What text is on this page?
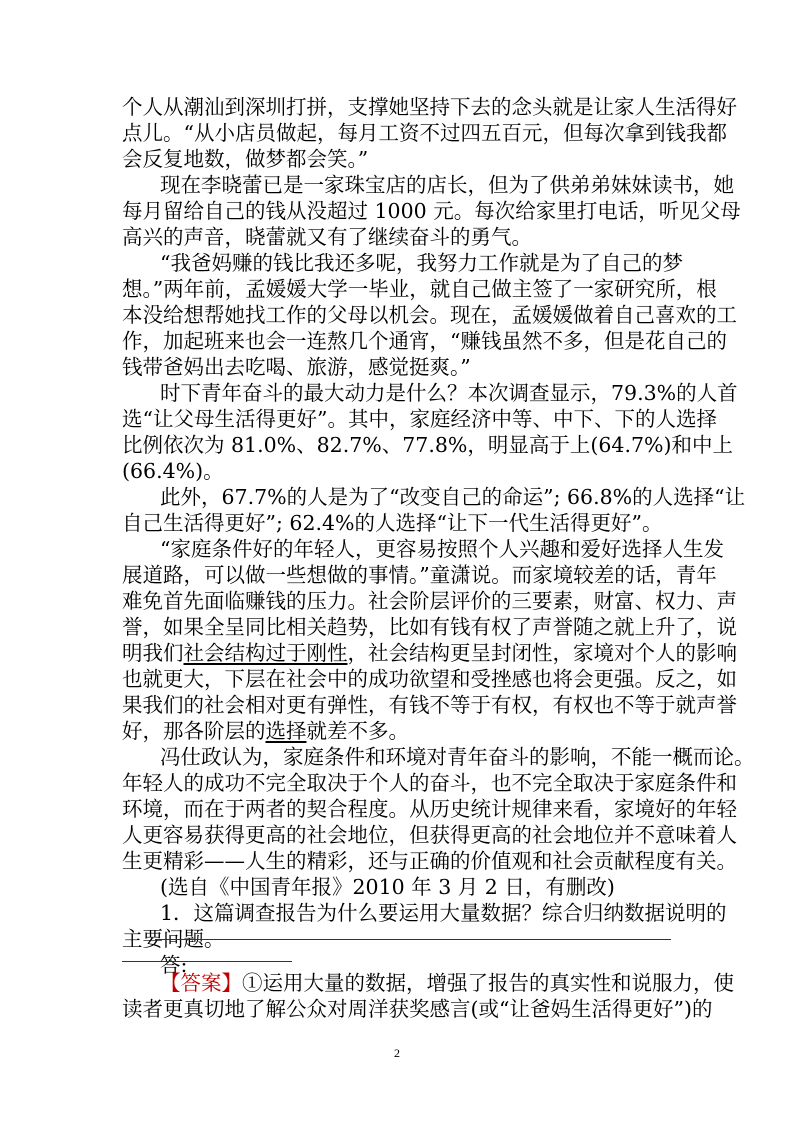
个人从潮汕到深圳打拼，支撑她坚持下去的念头就是让家人生活得好
点儿。“从小店员做起，每月工资不过四五百元，但每次拿到钱我都
会反复地数，做梦都会笑。”
现在李晓蕾已是一家珠宝店的店长，但为了供弟弟妹妹读书，她
每月留给自己的钱从没超过 1000 元。每次给家里打电话，听见父母
高兴的声音，晓蕾就又有了继续奋斗的勇气。
“我爸妈赚的钱比我还多呢，我努力工作就是为了自己的梦
想。”两年前，孟媛媛大学一毕业，就自己做主签了一家研究所，根
本没给想帮她找工作的父母以机会。现在，孟媛媛做着自己喜欢的工
作，加起班来也会一连熬几个通宵，“赚钱虽然不多，但是花自己的
钱带爸妈出去吃喝、旅游，感觉挺爽。”
时下青年奋斗的最大动力是什么？本次调查显示，79.3%的人首
选“让父母生活得更好”。其中，家庭经济中等、中下、下的人选择
比例依次为 81.0%、82.7%、77.8%，明显高于上(64.7%)和中上
(66.4%)。
此外，67.7%的人是为了“改变自己的命运”; 66.8%的人选择“让
自己生活得更好”; 62.4%的人选择“让下一代生活得更好”。
“家庭条件好的年轻人，更容易按照个人兴趣和爱好选择人生发
展道路，可以做一些想做的事情。”童潇说。而家境较差的话，青年
难免首先面临赚钱的压力。社会阶层评价的三要素，财富、权力、声
誉，如果全呈同比相关趋势，比如有钱有权了声誉随之就上升了，说
明我们社会结构过于刚性，社会结构更呈封闭性，家境对个人的影响
也就更大，下层在社会中的成功欲望和受挫感也将会更强。反之，如
果我们的社会相对更有弹性，有钱不等于有权，有权也不等于就声誉
好，那各阶层的选择就差不多。
冯仕政认为，家庭条件和环境对青年奋斗的影响，不能一概而论。
年轻人的成功不完全取决于个人的奋斗，也不完全取决于家庭条件和
环境，而在于两者的契合程度。从历史统计规律来看，家境好的年轻
人更容易获得更高的社会地位，但获得更高的社会地位并不意味着人
生更精彩——人生的精彩，还与正确的价值观和社会贡献程度有关。
(选自《中国青年报》2010 年 3 月 2 日，有删改)
1．这篇调查报告为什么要运用大量数据？综合归纳数据说明的
主要问题。
答:
【答案】①运用大量的数据，增强了报告的真实性和说服力，使
读者更真切地了解公众对周洋获奖感言(或“让爸妈生活得更好”)的
2
